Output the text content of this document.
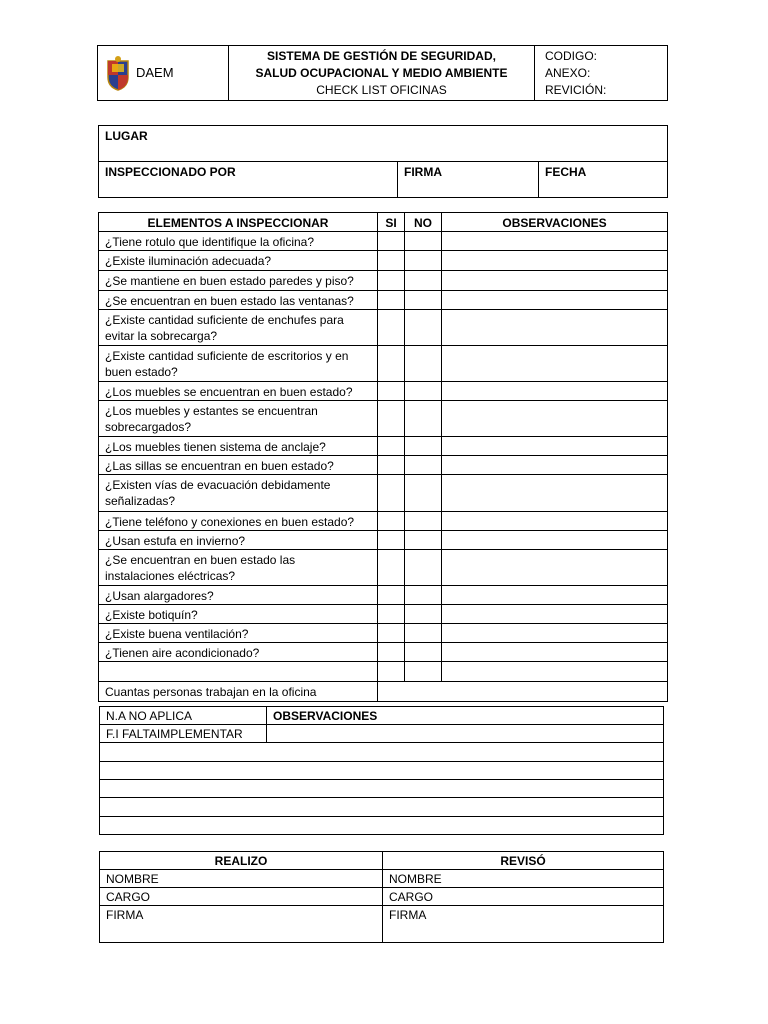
DAEM	
SISTEMA DE GESTIÓN DE SEGURIDAD,
SALUD OCUPACIONAL Y MEDIO AMBIENTE
CHECK LIST OFICINAS

CODIGO:
ANEXO:
REVICIÓN:
LUGAR
INSPECCIONADO POR	FIRMA	FECHA
ELEMENTOS A INSPECCIONAR	SI	NO	OBSERVACIONES
¿Tiene rotulo que identifique la oficina?			
¿Existe iluminación adecuada?			
¿Se mantiene en buen estado paredes y piso?			
¿Se encuentran en buen estado las ventanas?			

¿Existe cantidad suficiente de enchufes para
evitar la sobrecarga?			

¿Existe cantidad suficiente de escritorios y en
buen estado?			

¿Los muebles se encuentran en buen estado?			

¿Los muebles y estantes se encuentran
sobrecargados?			

¿Los muebles tienen sistema de anclaje?			
¿Las sillas se encuentran en buen estado?			

¿Existen vías de evacuación debidamente
señalizadas?			

¿Tiene teléfono y conexiones en buen estado?			
¿Usan estufa en invierno?			

¿Se encuentran en buen estado las
instalaciones eléctricas?			

¿Usan alargadores?			
¿Existe botiquín?			
¿Existe buena ventilación?			
¿Tienen aire acondicionado?			

Cuantas personas trabajan en la oficina			
N.A NO APLICA	OBSERVACIONES
F.I FALTAIMPLEMENTAR	

REALIZO	REVISÓ
NOMBRE	NOMBRE
CARGO	CARGO
FIRMA	FIRMA
